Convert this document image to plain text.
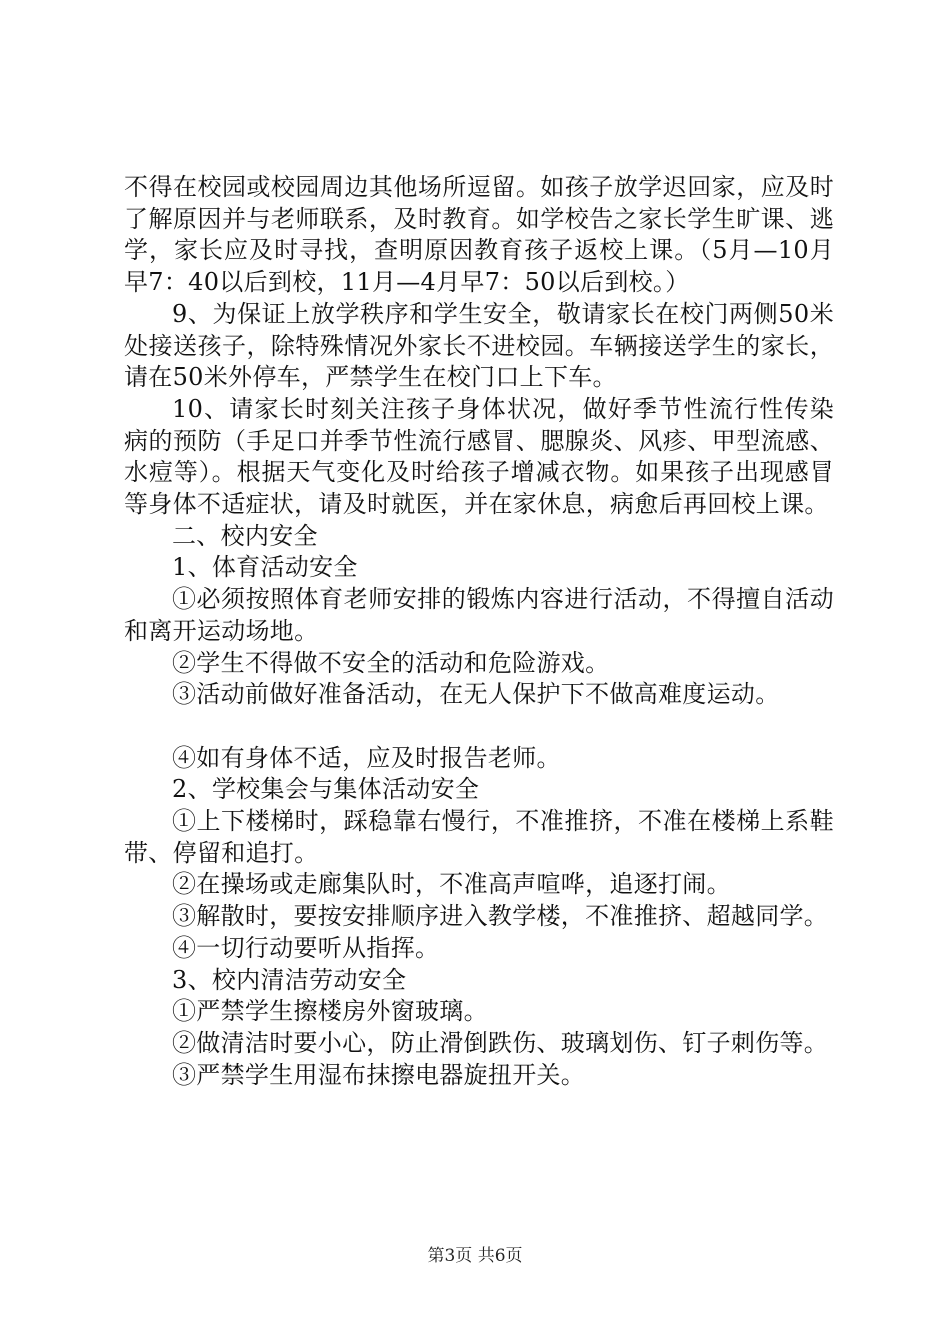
不得在校园或校园周边其他场所逗留。如孩子放学迟回家，应及时了解原因并与老师联系，及时教育。如学校告之家长学生旷课、逃学，家长应及时寻找，查明原因教育孩子返校上课。（5月—10月早7：40以后到校，11月—4月早7：50以后到校。）

9、为保证上放学秩序和学生安全，敬请家长在校门两侧50米处接送孩子，除特殊情况外家长不进校园。车辆接送学生的家长，请在50米外停车，严禁学生在校门口上下车。

10、请家长时刻关注孩子身体状况，做好季节性流行性传染病的预防（手足口并季节性流行感冒、腮腺炎、风疹、甲型流感、水痘等）。根据天气变化及时给孩子增减衣物。如果孩子出现感冒等身体不适症状，请及时就医，并在家休息，病愈后再回校上课。

二、校内安全

1、体育活动安全

①必须按照体育老师安排的锻炼内容进行活动，不得擅自活动和离开运动场地。

②学生不得做不安全的活动和危险游戏。

③活动前做好准备活动，在无人保护下不做高难度运动。

④如有身体不适，应及时报告老师。

2、学校集会与集体活动安全

①上下楼梯时，踩稳靠右慢行，不准推挤，不准在楼梯上系鞋带、停留和追打。

②在操场或走廊集队时，不准高声喧哗，追逐打闹。

③解散时，要按安排顺序进入教学楼，不准推挤、超越同学。

④一切行动要听从指挥。

3、校内清洁劳动安全

①严禁学生擦楼房外窗玻璃。

②做清洁时要小心，防止滑倒跌伤、玻璃划伤、钉子刺伤等。

③严禁学生用湿布抹擦电器旋扭开关。

第3页 共6页
